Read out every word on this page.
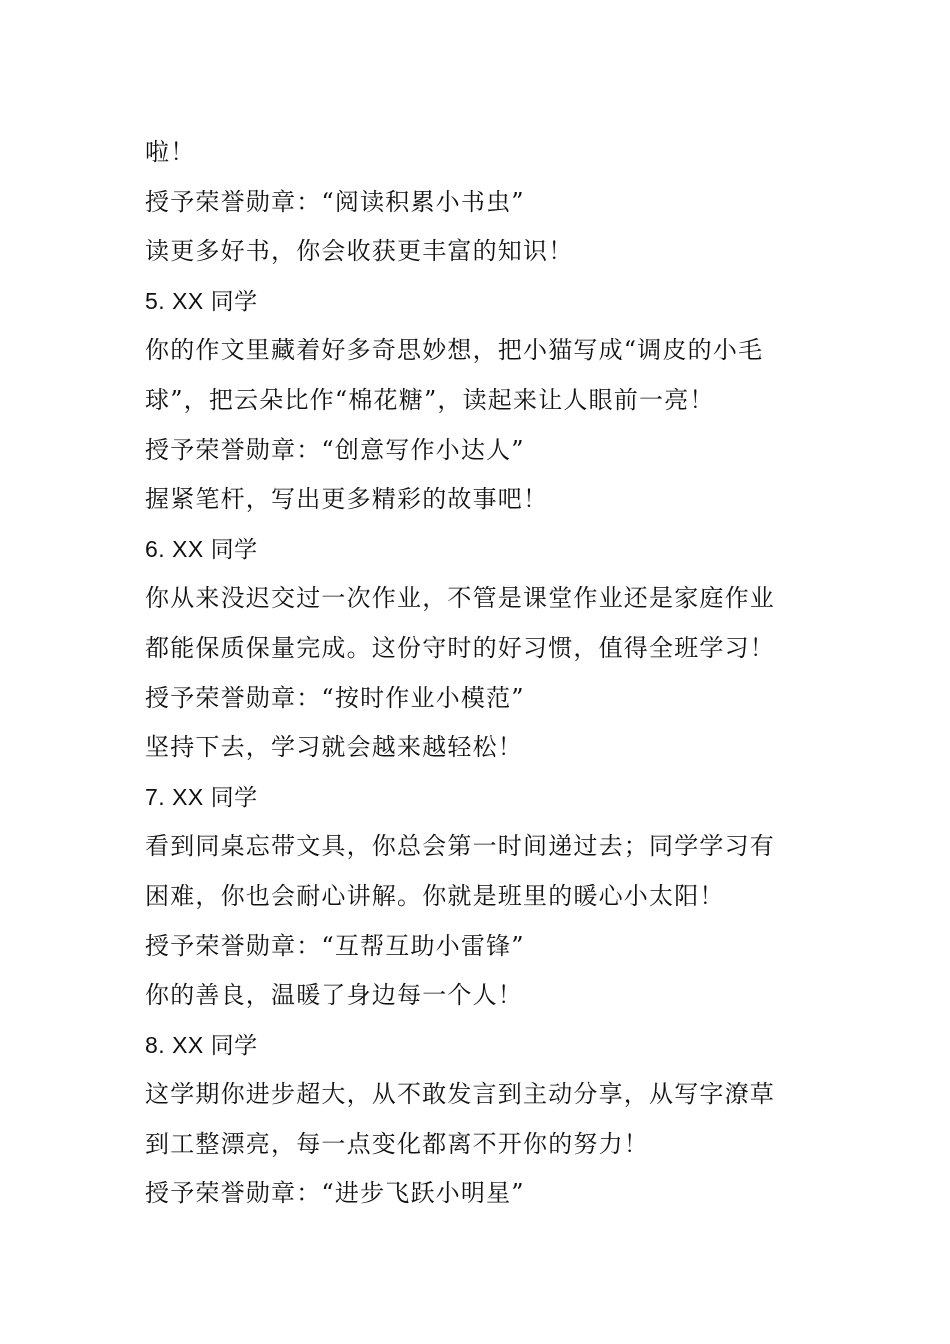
啦！
授予荣誉勋章：“阅读积累小书虫”
读更多好书，你会收获更丰富的知识！
5. XX 同学
你的作文里藏着好多奇思妙想，把小猫写成“调皮的小毛
球”，把云朵比作“棉花糖”，读起来让人眼前一亮！
授予荣誉勋章：“创意写作小达人”
握紧笔杆，写出更多精彩的故事吧！
6. XX 同学
你从来没迟交过一次作业，不管是课堂作业还是家庭作业
都能保质保量完成。这份守时的好习惯，值得全班学习！
授予荣誉勋章：“按时作业小模范”
坚持下去，学习就会越来越轻松！
7. XX 同学
看到同桌忘带文具，你总会第一时间递过去；同学学习有
困难，你也会耐心讲解。你就是班里的暖心小太阳！
授予荣誉勋章：“互帮互助小雷锋”
你的善良，温暖了身边每一个人！
8. XX 同学
这学期你进步超大，从不敢发言到主动分享，从写字潦草
到工整漂亮，每一点变化都离不开你的努力！
授予荣誉勋章：“进步飞跃小明星”
